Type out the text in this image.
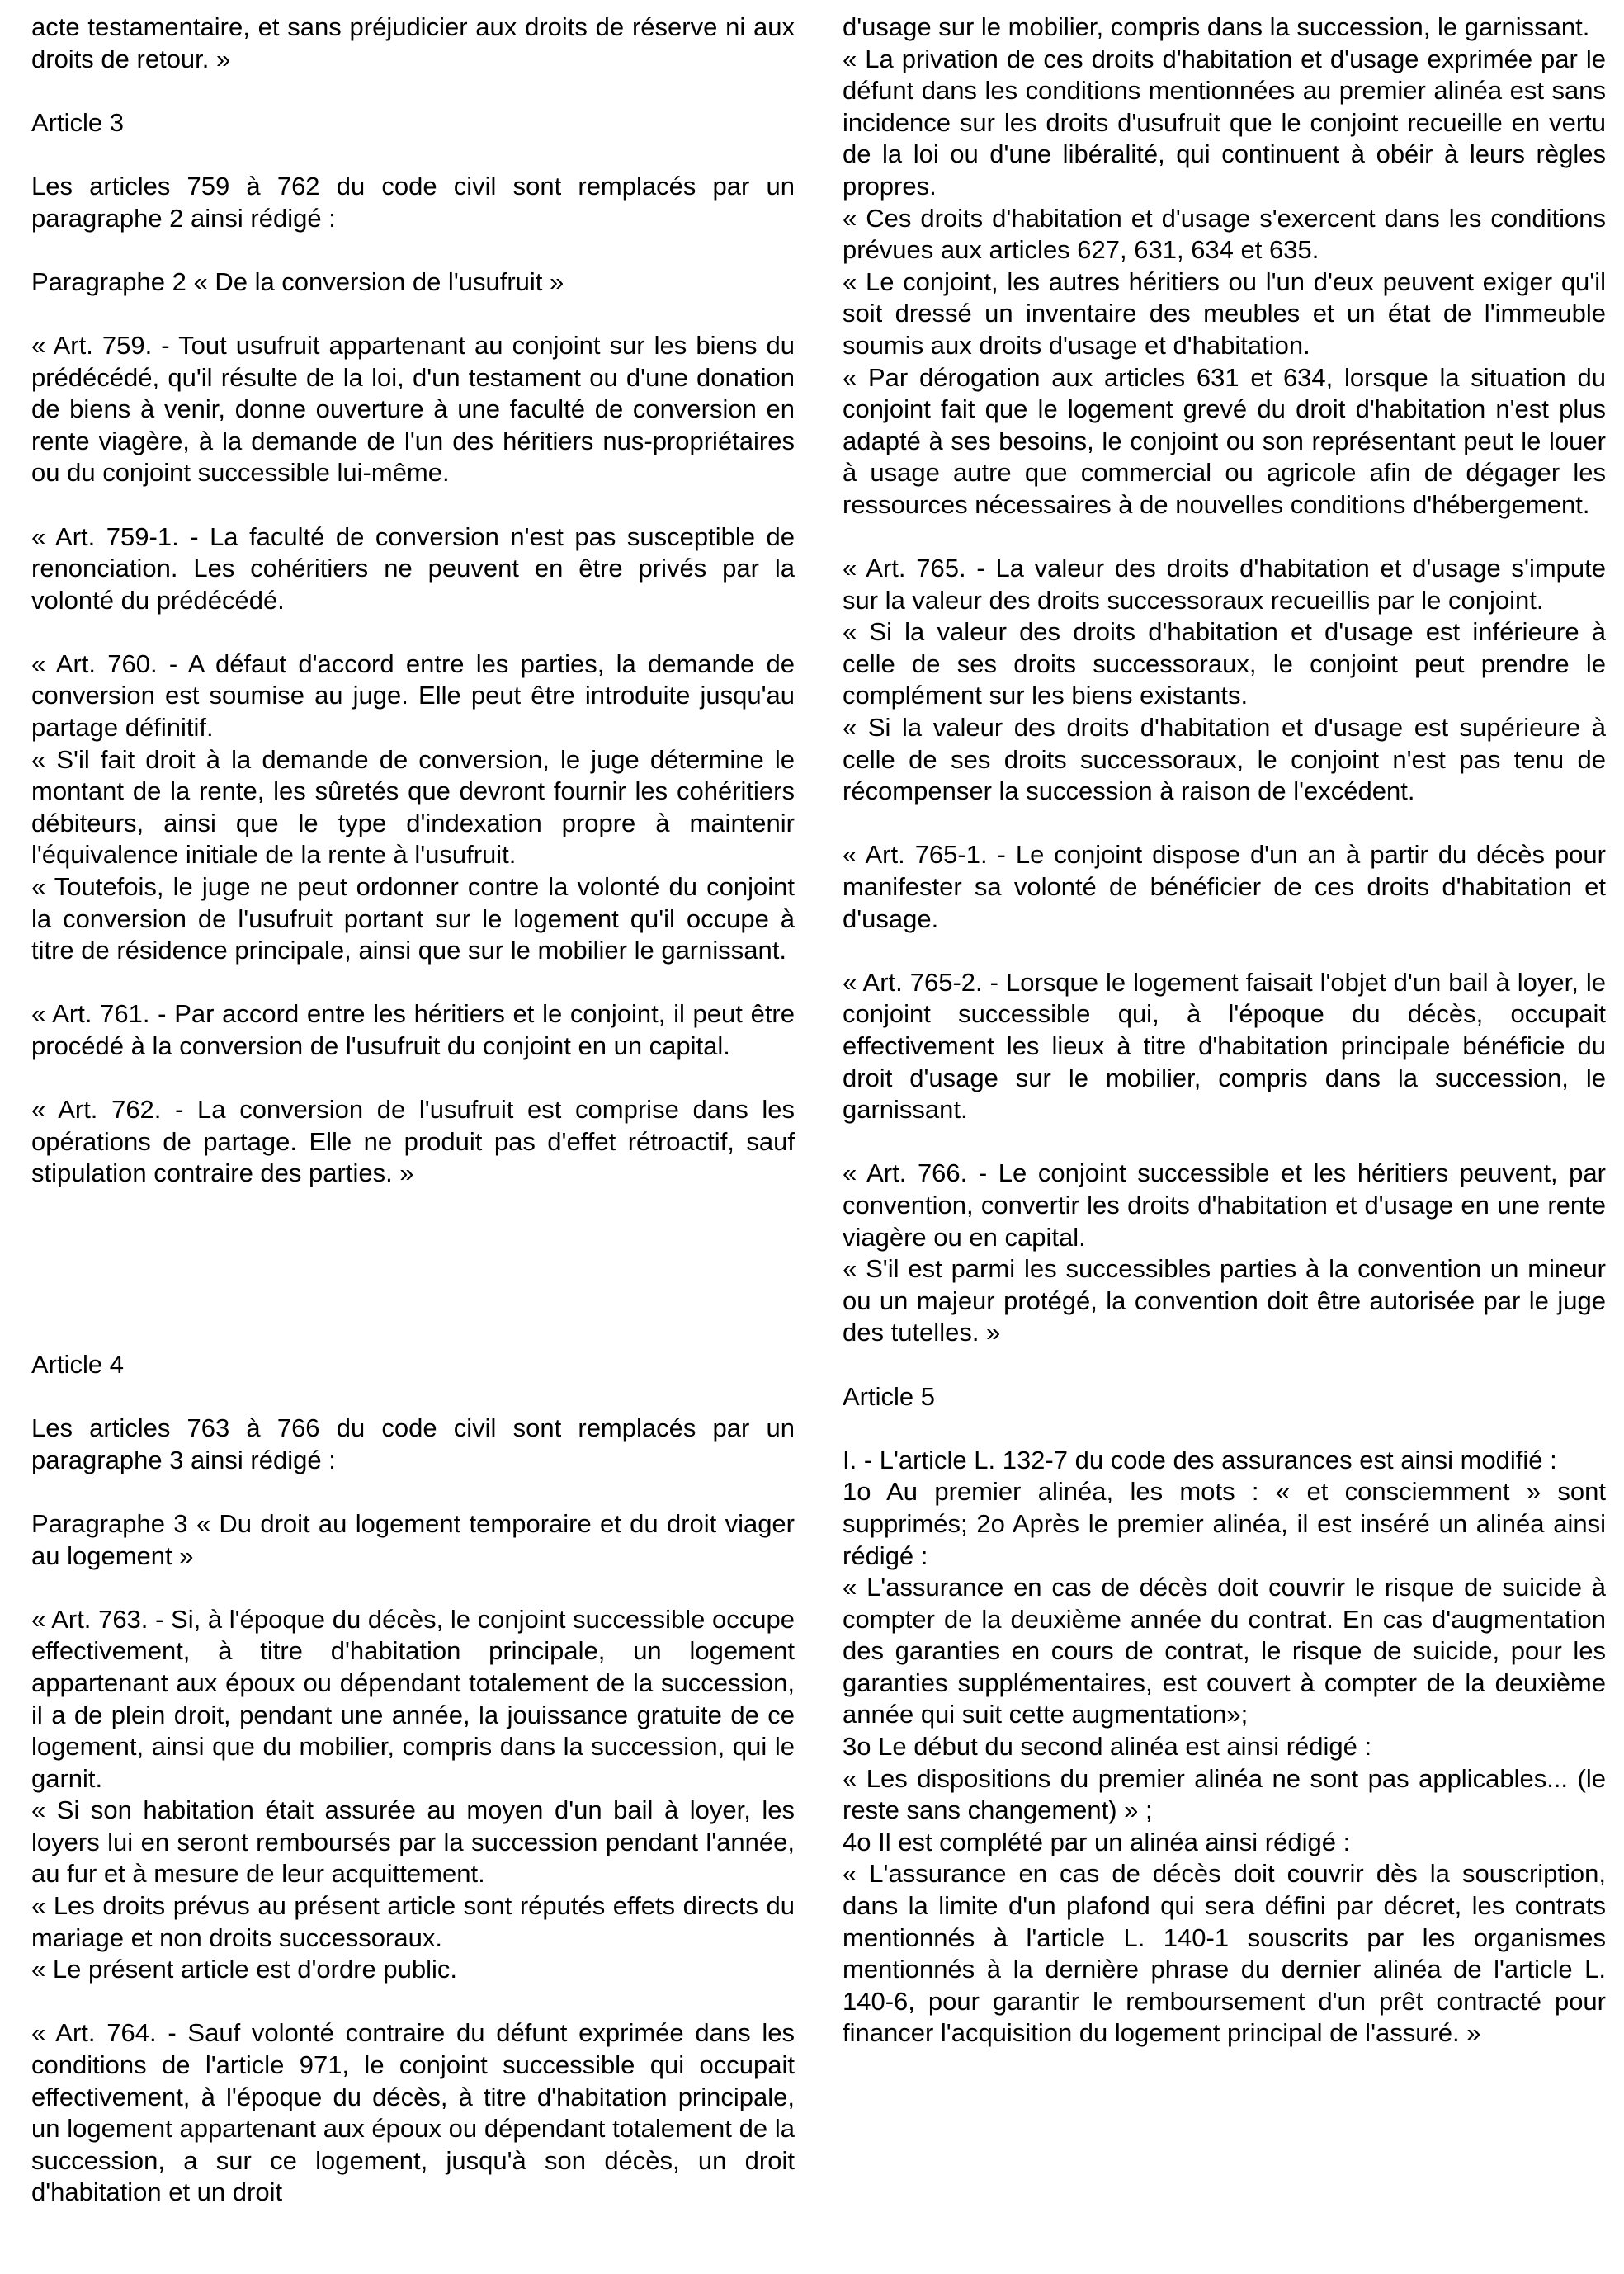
acte testamentaire, et sans préjudicier aux droits de réserve ni aux droits de retour. »

Article 3

Les articles 759 à 762 du code civil sont remplacés par un paragraphe 2 ainsi rédigé :

Paragraphe 2 « De la conversion de l'usufruit »

« Art. 759. - Tout usufruit appartenant au conjoint sur les biens du prédécédé, qu'il résulte de la loi, d'un testament ou d'une donation de biens à venir, donne ouverture à une faculté de conversion en rente viagère, à la demande de l'un des héritiers nus-propriétaires ou du conjoint successible lui-même.

« Art. 759-1. - La faculté de conversion n'est pas susceptible de renonciation. Les cohéritiers ne peuvent en être privés par la volonté du prédécédé.

« Art. 760. - A défaut d'accord entre les parties, la demande de conversion est soumise au juge. Elle peut être introduite jusqu'au partage définitif.

« S'il fait droit à la demande de conversion, le juge détermine le montant de la rente, les sûretés que devront fournir les cohéritiers débiteurs, ainsi que le type d'indexation propre à maintenir l'équivalence initiale de la rente à l'usufruit.

« Toutefois, le juge ne peut ordonner contre la volonté du conjoint la conversion de l'usufruit portant sur le logement qu'il occupe à titre de résidence principale, ainsi que sur le mobilier le garnissant.

« Art. 761. - Par accord entre les héritiers et le conjoint, il peut être procédé à la conversion de l'usufruit du conjoint en un capital.

« Art. 762. - La conversion de l'usufruit est comprise dans les opérations de partage. Elle ne produit pas d'effet rétroactif, sauf stipulation contraire des parties. »

Article 4

Les articles 763 à 766 du code civil sont remplacés par un paragraphe 3 ainsi rédigé :

Paragraphe 3 « Du droit au logement temporaire et du droit viager au logement »

« Art. 763. - Si, à l'époque du décès, le conjoint successible occupe effectivement, à titre d'habitation principale, un logement appartenant aux époux ou dépendant totalement de la succession, il a de plein droit, pendant une année, la jouissance gratuite de ce logement, ainsi que du mobilier, compris dans la succession, qui le garnit.

« Si son habitation était assurée au moyen d'un bail à loyer, les loyers lui en seront remboursés par la succession pendant l'année, au fur et à mesure de leur acquittement.

« Les droits prévus au présent article sont réputés effets directs du mariage et non droits successoraux.

« Le présent article est d'ordre public.

« Art. 764. - Sauf volonté contraire du défunt exprimée dans les conditions de l'article 971, le conjoint successible qui occupait effectivement, à l'époque du décès, à titre d'habitation principale, un logement appartenant aux époux ou dépendant totalement de la succession, a sur ce logement, jusqu'à son décès, un droit d'habitation et un droit

d'usage sur le mobilier, compris dans la succession, le garnissant.

« La privation de ces droits d'habitation et d'usage exprimée par le défunt dans les conditions mentionnées au premier alinéa est sans incidence sur les droits d'usufruit que le conjoint recueille en vertu de la loi ou d'une libéralité, qui continuent à obéir à leurs règles propres.

« Ces droits d'habitation et d'usage s'exercent dans les conditions prévues aux articles 627, 631, 634 et 635.

« Le conjoint, les autres héritiers ou l'un d'eux peuvent exiger qu'il soit dressé un inventaire des meubles et un état de l'immeuble soumis aux droits d'usage et d'habitation.

« Par dérogation aux articles 631 et 634, lorsque la situation du conjoint fait que le logement grevé du droit d'habitation n'est plus adapté à ses besoins, le conjoint ou son représentant peut le louer à usage autre que commercial ou agricole afin de dégager les ressources nécessaires à de nouvelles conditions d'hébergement.

« Art. 765. - La valeur des droits d'habitation et d'usage s'impute sur la valeur des droits successoraux recueillis par le conjoint.

« Si la valeur des droits d'habitation et d'usage est inférieure à celle de ses droits successoraux, le conjoint peut prendre le complément sur les biens existants.

« Si la valeur des droits d'habitation et d'usage est supérieure à celle de ses droits successoraux, le conjoint n'est pas tenu de récompenser la succession à raison de l'excédent.

« Art. 765-1. - Le conjoint dispose d'un an à partir du décès pour manifester sa volonté de bénéficier de ces droits d'habitation et d'usage.

« Art. 765-2. - Lorsque le logement faisait l'objet d'un bail à loyer, le conjoint successible qui, à l'époque du décès, occupait effectivement les lieux à titre d'habitation principale bénéficie du droit d'usage sur le mobilier, compris dans la succession, le garnissant.

« Art. 766. - Le conjoint successible et les héritiers peuvent, par convention, convertir les droits d'habitation et d'usage en une rente viagère ou en capital.

« S'il est parmi les successibles parties à la convention un mineur ou un majeur protégé, la convention doit être autorisée par le juge des tutelles. »

Article 5

I. - L'article L. 132-7 du code des assurances est ainsi modifié :

1o Au premier alinéa, les mots : « et consciemment » sont supprimés; 2o Après le premier alinéa, il est inséré un alinéa ainsi rédigé :

« L'assurance en cas de décès doit couvrir le risque de suicide à compter de la deuxième année du contrat. En cas d'augmentation des garanties en cours de contrat, le risque de suicide, pour les garanties supplémentaires, est couvert à compter de la deuxième année qui suit cette augmentation»;

3o Le début du second alinéa est ainsi rédigé :

« Les dispositions du premier alinéa ne sont pas applicables... (le reste sans changement) » ;

4o Il est complété par un alinéa ainsi rédigé :

« L'assurance en cas de décès doit couvrir dès la souscription, dans la limite d'un plafond qui sera défini par décret, les contrats mentionnés à l'article L. 140-1 souscrits par les organismes mentionnés à la dernière phrase du dernier alinéa de l'article L. 140-6, pour garantir le remboursement d'un prêt contracté pour financer l'acquisition du logement principal de l'assuré. »
